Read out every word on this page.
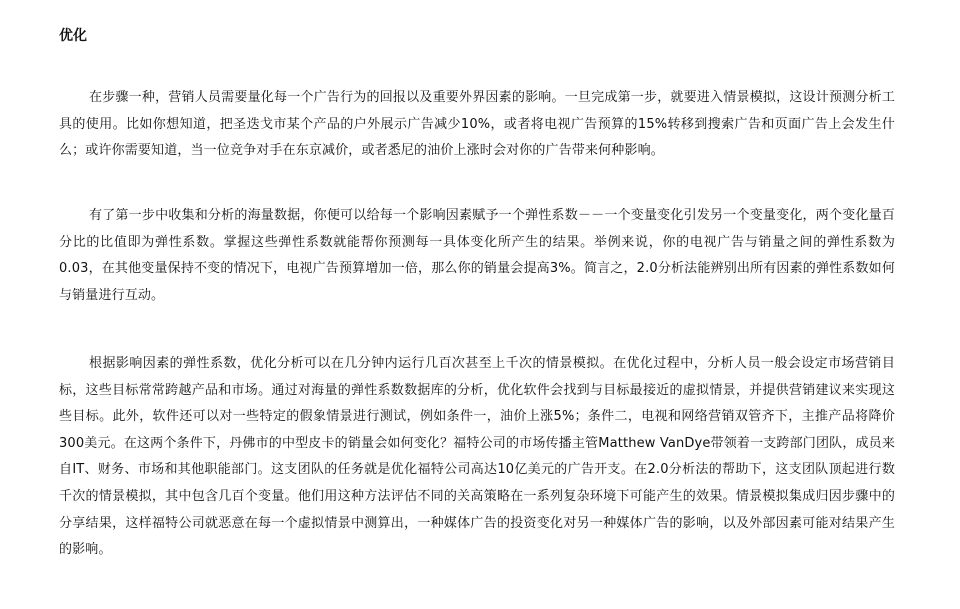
优化

在步骤一种，营销人员需要量化每一个广告行为的回报以及重要外界因素的影响。一旦完成第一步，就要进入情景模拟，这设计预测分析工具的使用。比如你想知道，把圣迭戈市某个产品的户外展示广告减少10%，或者将电视广告预算的15%转移到搜索广告和页面广告上会发生什么；或许你需要知道，当一位竞争对手在东京减价，或者悉尼的油价上涨时会对你的广告带来何种影响。

有了第一步中收集和分析的海量数据，你便可以给每一个影响因素赋予一个弹性系数－－一个变量变化引发另一个变量变化，两个变化量百分比的比值即为弹性系数。掌握这些弹性系数就能帮你预测每一具体变化所产生的结果。举例来说，你的电视广告与销量之间的弹性系数为0.03，在其他变量保持不变的情况下，电视广告预算增加一倍，那么你的销量会提高3%。简言之，2.0分析法能辨别出所有因素的弹性系数如何与销量进行互动。

根据影响因素的弹性系数，优化分析可以在几分钟内运行几百次甚至上千次的情景模拟。在优化过程中，分析人员一般会设定市场营销目标，这些目标常常跨越产品和市场。通过对海量的弹性系数数据库的分析，优化软件会找到与目标最接近的虚拟情景，并提供营销建议来实现这些目标。此外，软件还可以对一些特定的假象情景进行测试，例如条件一，油价上涨5%；条件二，电视和网络营销双管齐下，主推产品将降价300美元。在这两个条件下，丹佛市的中型皮卡的销量会如何变化？福特公司的市场传播主管Matthew VanDye带领着一支跨部门团队，成员来自IT、财务、市场和其他职能部门。这支团队的任务就是优化福特公司高达10亿美元的广告开支。在2.0分析法的帮助下，这支团队顶起进行数千次的情景模拟，其中包含几百个变量。他们用这种方法评估不同的关高策略在一系列复杂环境下可能产生的效果。情景模拟集成归因步骤中的分享结果，这样福特公司就恶意在每一个虚拟情景中测算出，一种媒体广告的投资变化对另一种媒体广告的影响，以及外部因素可能对结果产生的影响。
